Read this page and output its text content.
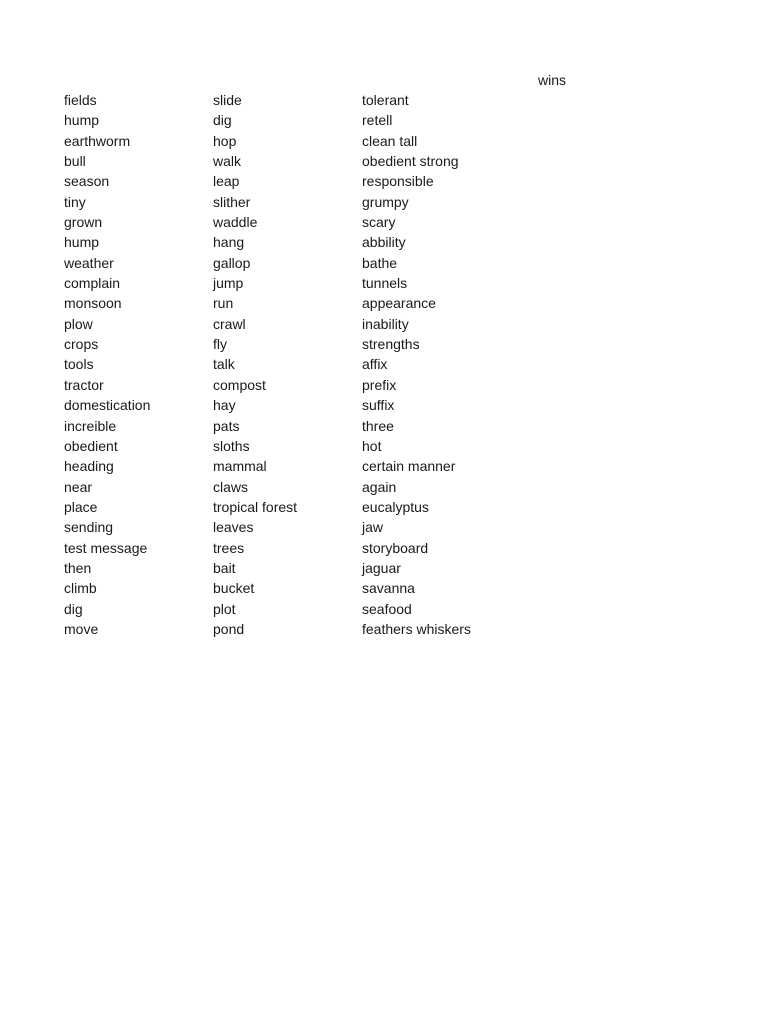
wins
fields
hump
earthworm
bull
season
tiny
grown
hump
weather
complain
monsoon
plow
crops
tools
tractor
domestication
increible
obedient
heading
near
place
sending
test message
then
climb
dig
move
slide
dig
hop
walk
leap
slither
waddle
hang
gallop
jump
run
crawl
fly
talk
compost
hay
pats
sloths
mammal
claws
tropical forest
leaves
trees
bait
bucket
plot
pond
tolerant
retell
clean tall
obedient strong
responsible
grumpy
scary
abbility
bathe
tunnels
appearance
inability
strengths
affix
prefix
suffix
three
hot
certain manner
again
eucalyptus
jaw
storyboard
jaguar
savanna
seafood
feathers whiskers
